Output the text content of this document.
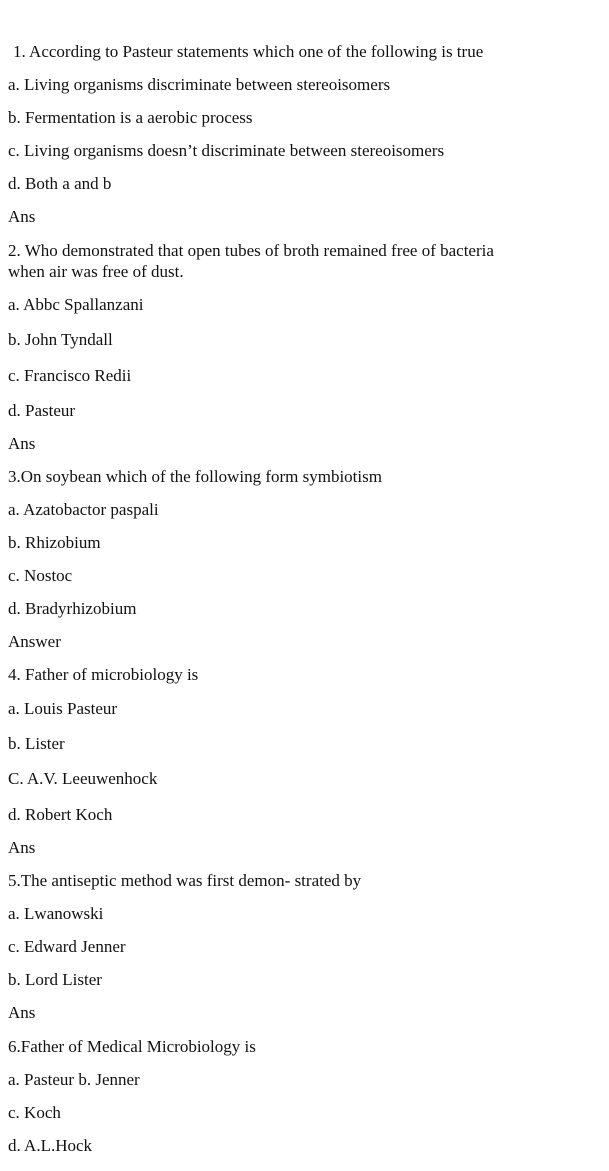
1. According to Pasteur statements which one of the following is true
a. Living organisms discriminate between stereoisomers
b. Fermentation is a aerobic process
c. Living organisms doesn’t discriminate between stereoisomers
d. Both a and b
Ans
2. Who demonstrated that open tubes of broth remained free of bacteria when air was free of dust.
a. Abbc Spallanzani
b. John Tyndall
c. Francisco Redii
d. Pasteur
Ans
3.On soybean which of the following form symbiotism
a. Azatobactor paspali
b. Rhizobium
c. Nostoc
d. Bradyrhizobium
Answer
4. Father of microbiology is
a. Louis Pasteur
b. Lister
C. A.V. Leeuwenhock
d. Robert Koch
Ans
5.The antiseptic method was first demon- strated by
a. Lwanowski
c. Edward Jenner
b. Lord Lister
Ans
6.Father of Medical Microbiology is
a. Pasteur b. Jenner
c. Koch
d. A.L.Hock
